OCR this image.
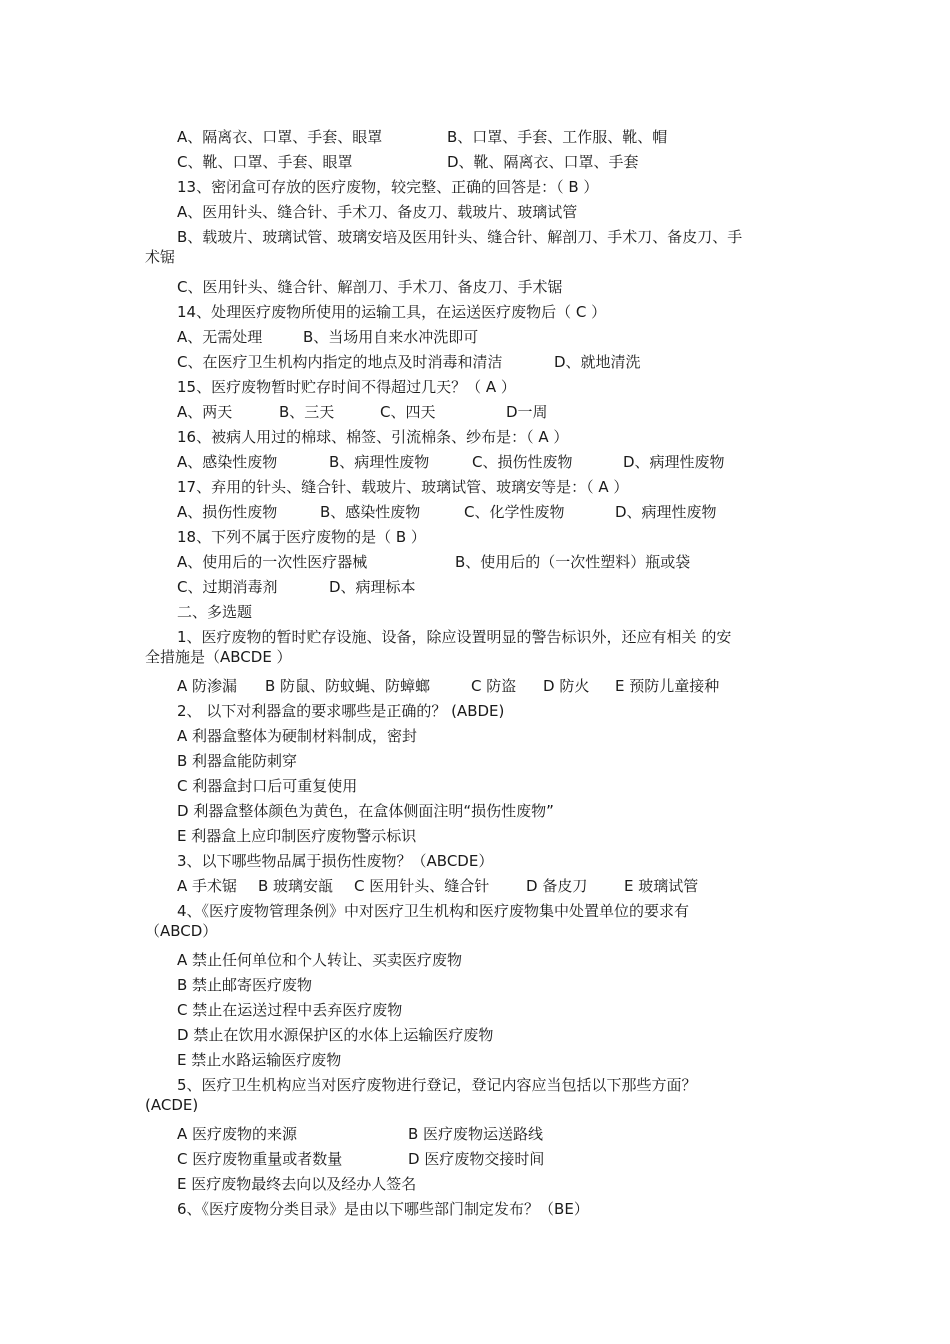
A、隔离衣、口罩、手套、眼罩	B、口罩、手套、工作服、靴、帽
C、靴、口罩、手套、眼罩	D、靴、隔离衣、口罩、手套
13、密闭盒可存放的医疗废物，较完整、正确的回答是：（ B ）
A、医用针头、缝合针、手术刀、备皮刀、载玻片、玻璃试管
B、载玻片、玻璃试管、玻璃安培及医用针头、缝合针、解剖刀、手术刀、备皮刀、手
术锯
C、医用针头、缝合针、解剖刀、手术刀、备皮刀、手术锯
14、处理医疗废物所使用的运输工具，在运送医疗废物后（ C ）
A、无需处理	B、当场用自来水冲洗即可
C、在医疗卫生机构内指定的地点及时消毒和清洁	D、就地清洗
15、医疗废物暂时贮存时间不得超过几天？（ A ）
A、两天	B、三天	C、四天	D一周
16、被病人用过的棉球、棉签、引流棉条、纱布是：（ A ）
A、感染性废物	B、病理性废物	C、损伤性废物	D、病理性废物
17、弃用的针头、缝合针、载玻片、玻璃试管、玻璃安等是：（ A ）
A、损伤性废物	B、感染性废物	C、化学性废物	D、病理性废物
18、下列不属于医疗废物的是（ B ）
A、使用后的一次性医疗器械	B、使用后的（一次性塑料）瓶或袋
C、过期消毒剂	D、病理标本
二、多选题
1、医疗废物的暂时贮存设施、设备，除应设置明显的警告标识外，还应有相关 的安
全措施是（ABCDE ）
A 防渗漏 B 防鼠、防蚊蝇、防蟑螂	C 防盗 D 防火 E 预防儿童接种
2、 以下对利器盒的要求哪些是正确的？ (ABDE)
A 利器盒整体为硬制材料制成，密封
B 利器盒能防刺穿
C 利器盒封口后可重复使用
D 利器盒整体颜色为黄色，在盒体侧面注明“损伤性废物”
E 利器盒上应印制医疗废物警示标识
3、以下哪些物品属于损伤性废物？（ABCDE）
A 手术锯 B 玻璃安瓿 C 医用针头、缝合针 D 备皮刀 E 玻璃试管
4、《医疗废物管理条例》中对医疗卫生机构和医疗废物集中处置单位的要求有
（ABCD）
A 禁止任何单位和个人转让、买卖医疗废物
B 禁止邮寄医疗废物
C 禁止在运送过程中丢弃医疗废物
D 禁止在饮用水源保护区的水体上运输医疗废物
E 禁止水路运输医疗废物
5、医疗卫生机构应当对医疗废物进行登记，登记内容应当包括以下那些方面？
(ACDE)
A 医疗废物的来源	B 医疗废物运送路线
C 医疗废物重量或者数量	D 医疗废物交接时间
E 医疗废物最终去向以及经办人签名
6、《医疗废物分类目录》是由以下哪些部门制定发布？（BE）
